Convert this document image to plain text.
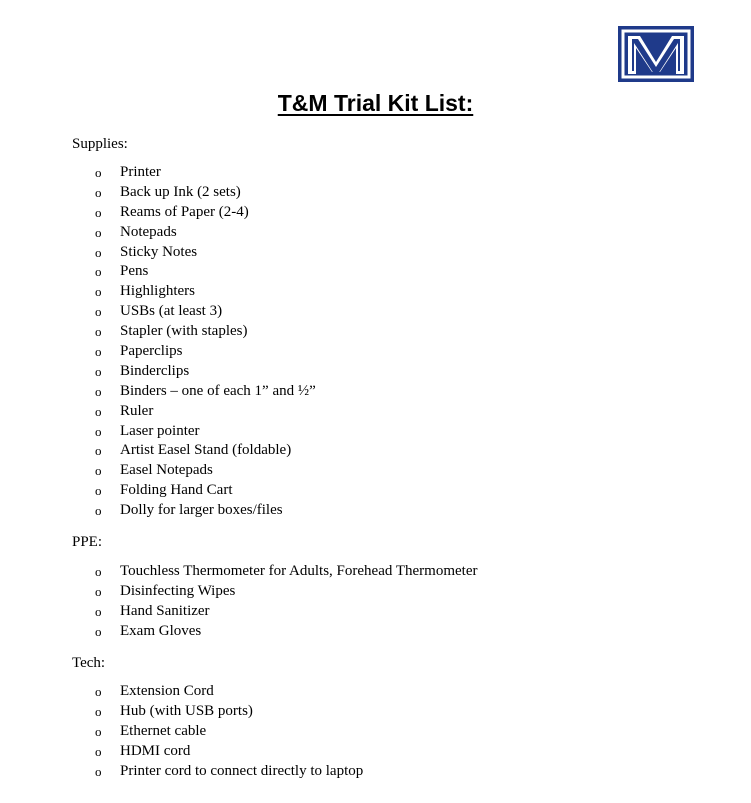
T&M Trial Kit List:

Supplies:

o Printer
o Back up Ink (2 sets)
o Reams of Paper (2-4)
o Notepads
o Sticky Notes
o Pens
o Highlighters
o USBs (at least 3)
o Stapler (with staples)
o Paperclips
o Binderclips
o Binders – one of each 1” and ½”
o Ruler
o Laser pointer
o Artist Easel Stand (foldable)
o Easel Notepads
o Folding Hand Cart
o Dolly for larger boxes/files

PPE:

o Touchless Thermometer for Adults, Forehead Thermometer
o Disinfecting Wipes
o Hand Sanitizer
o Exam Gloves

Tech:

o Extension Cord
o Hub (with USB ports)
o Ethernet cable
o HDMI cord
o Printer cord to connect directly to laptop
